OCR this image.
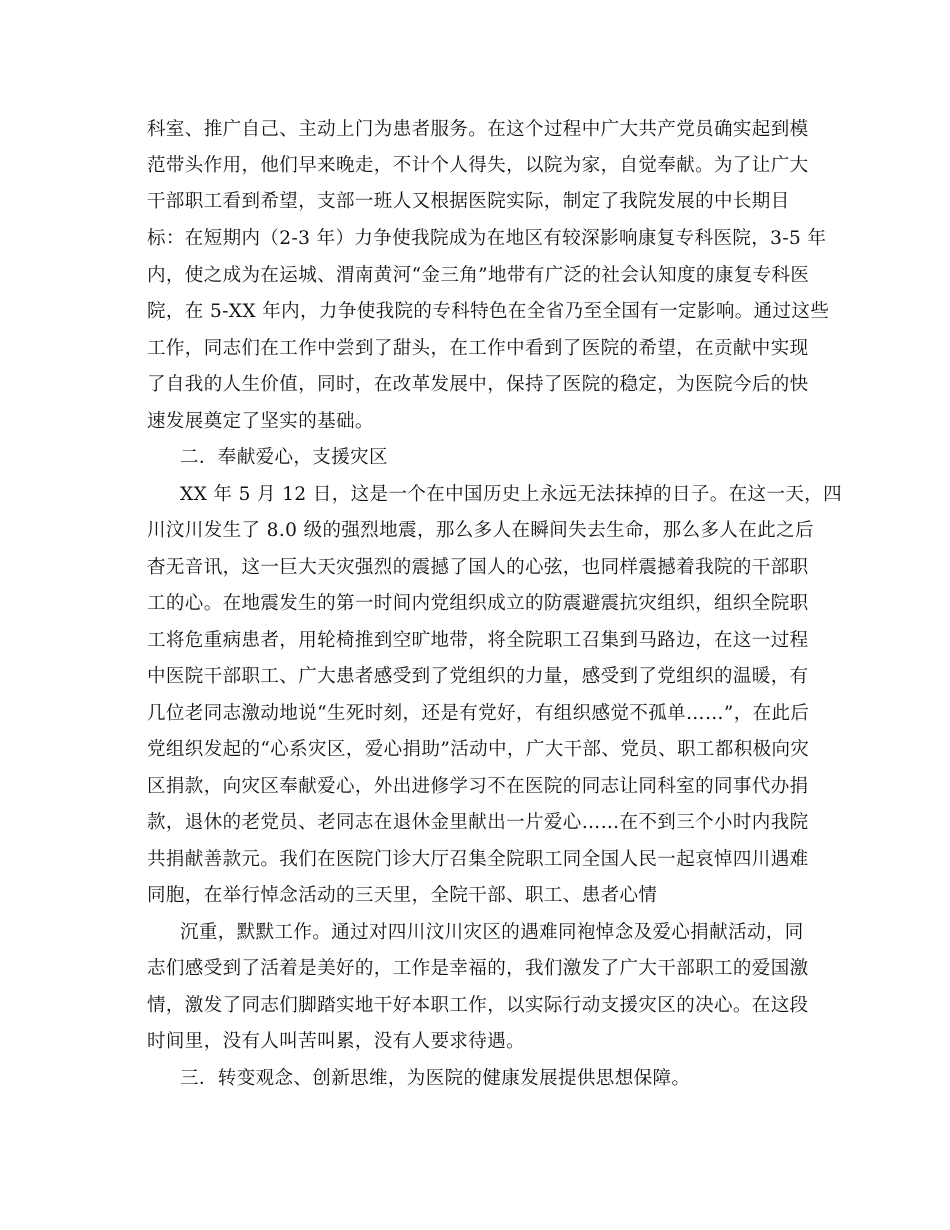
科室、推广自己、主动上门为患者服务。在这个过程中广大共产党员确实起到模
范带头作用，他们早来晚走，不计个人得失，以院为家，自觉奉献。为了让广大
干部职工看到希望，支部一班人又根据医院实际，制定了我院发展的中长期目
标：在短期内（2-3 年）力争使我院成为在地区有较深影响康复专科医院，3-5 年
内，使之成为在运城、渭南黄河“金三角”地带有广泛的社会认知度的康复专科医
院，在 5-XX 年内，力争使我院的专科特色在全省乃至全国有一定影响。通过这些
工作，同志们在工作中尝到了甜头，在工作中看到了医院的希望，在贡献中实现
了自我的人生价值，同时，在改革发展中，保持了医院的稳定，为医院今后的快
速发展奠定了坚实的基础。
二．奉献爱心，支援灾区
XX 年 5 月 12 日，这是一个在中国历史上永远无法抹掉的日子。在这一天，四
川汶川发生了 8.0 级的强烈地震，那么多人在瞬间失去生命，那么多人在此之后
杳无音讯，这一巨大天灾强烈的震撼了国人的心弦，也同样震撼着我院的干部职
工的心。在地震发生的第一时间内党组织成立的防震避震抗灾组织，组织全院职
工将危重病患者，用轮椅推到空旷地带，将全院职工召集到马路边，在这一过程
中医院干部职工、广大患者感受到了党组织的力量，感受到了党组织的温暖，有
几位老同志激动地说“生死时刻，还是有党好，有组织感觉不孤单……”，在此后
党组织发起的“心系灾区，爱心捐助”活动中，广大干部、党员、职工都积极向灾
区捐款，向灾区奉献爱心，外出进修学习不在医院的同志让同科室的同事代办捐
款，退休的老党员、老同志在退休金里献出一片爱心……在不到三个小时内我院
共捐献善款元。我们在医院门诊大厅召集全院职工同全国人民一起哀悼四川遇难
同胞，在举行悼念活动的三天里，全院干部、职工、患者心情
沉重，默默工作。通过对四川汶川灾区的遇难同袍悼念及爱心捐献活动，同
志们感受到了活着是美好的，工作是幸福的，我们激发了广大干部职工的爱国激
情，激发了同志们脚踏实地干好本职工作，以实际行动支援灾区的决心。在这段
时间里，没有人叫苦叫累，没有人要求待遇。
三．转变观念、创新思维，为医院的健康发展提供思想保障。
